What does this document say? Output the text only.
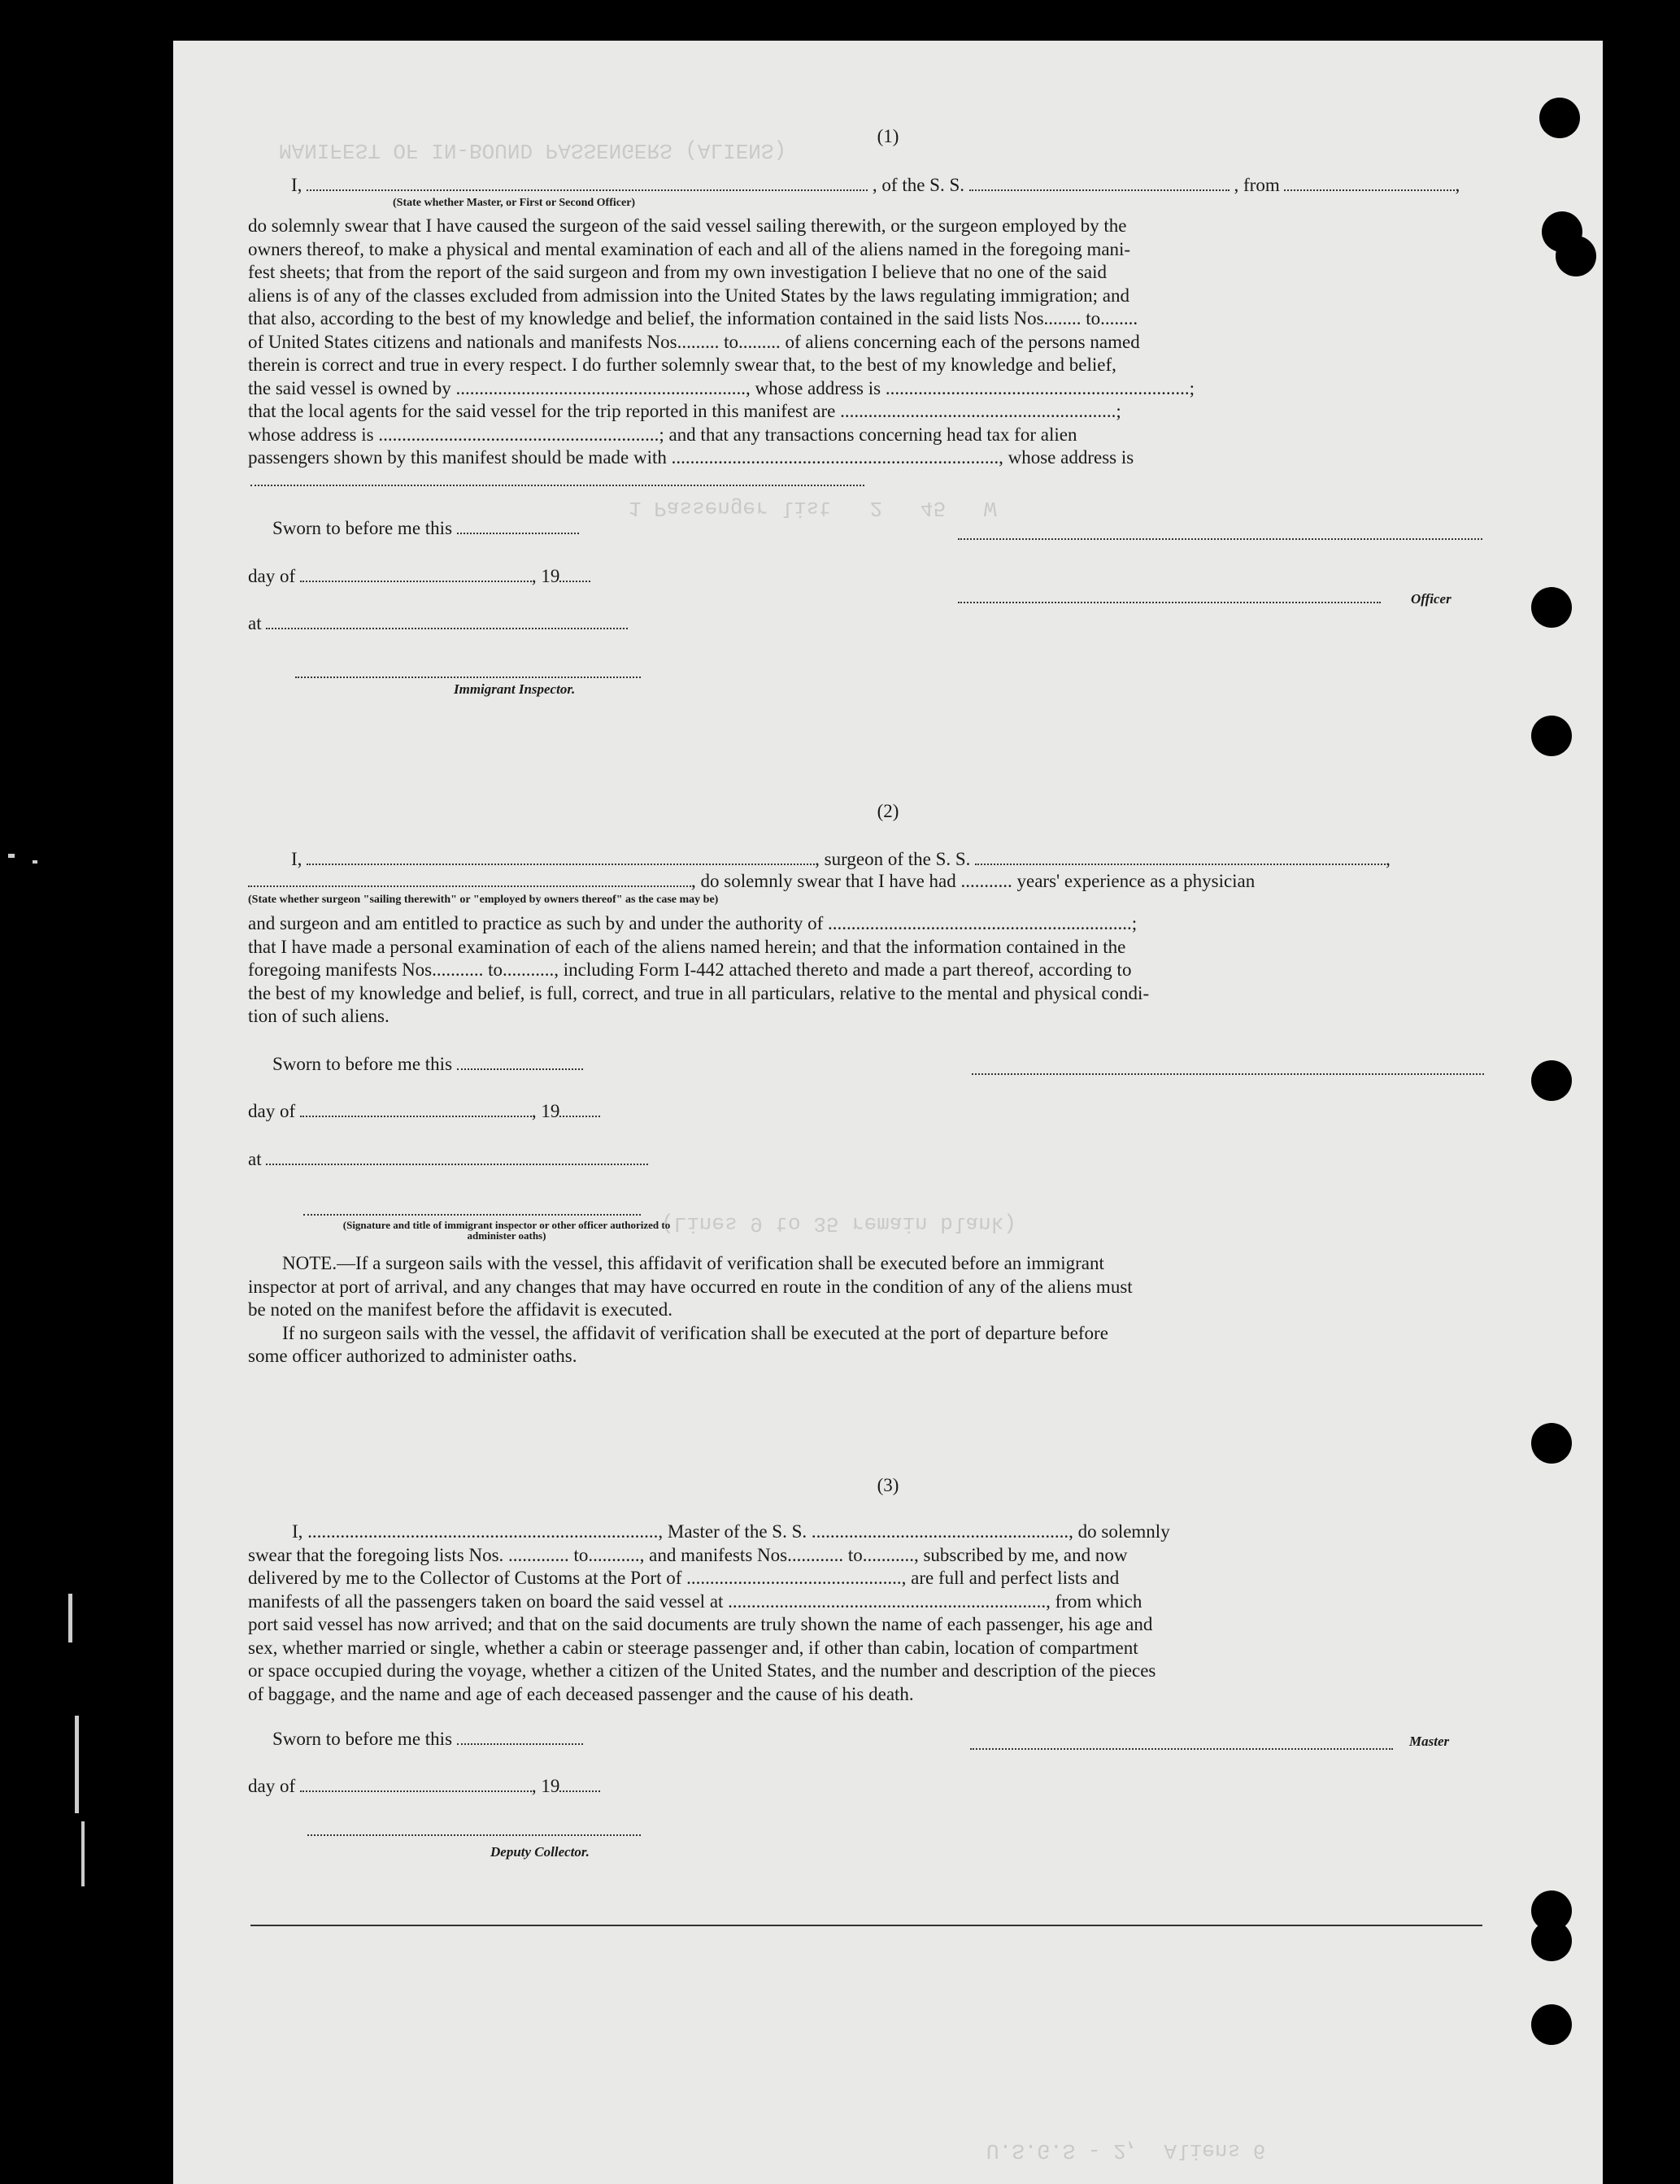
MANIFEST OF IN-BOUND PASSENGERS (ALIENS)
1 Passenger list   2   45   W
(Lines 9 to 35 remain blank)
U.S.G.S - 2,  Aliens 6
(1)
I,	, of the S. S.	, from	,
(State whether Master, or First or Second Officer)

do solemnly swear that I have caused the surgeon of the said vessel sailing therewith, or the surgeon employed by the

owners thereof, to make a physical and mental examination of each and all of the aliens named in the foregoing mani-

fest sheets; that from the report of the said surgeon and from my own investigation I believe that no one of the said

aliens is of any of the classes excluded from admission into the United States by the laws regulating immigration; and

that also, according to the best of my knowledge and belief, the information contained in the said lists Nos........ to........

of United States citizens and nationals and manifests Nos......... to......... of aliens concerning each of the persons named

therein is correct and true in every respect. I do further solemnly swear that, to the best of my knowledge and belief,

the said vessel is owned by .............................................................., whose address is .................................................................;

that the local agents for the said vessel for the trip reported in this manifest are ...........................................................;

whose address is ............................................................; and that any transactions concerning head tax for alien

passengers shown by this manifest should be made with ......................................................................, whose address is

Sworn to before me this
day of	, 19
Officer
at
Immigrant Inspector.
(2)
I,	, surgeon of the S. S.	,
, do solemnly swear that I have had ........... years' experience as a physician
(State whether surgeon "sailing therewith" or "employed by owners thereof" as the case may be)

and surgeon and am entitled to practice as such by and under the authority of .................................................................;

that I have made a personal examination of each of the aliens named herein; and that the information contained in the

foregoing manifests Nos........... to..........., including Form I-442 attached thereto and made a part thereof, according to

the best of my knowledge and belief, is full, correct, and true in all particulars, relative to the mental and physical condi-

tion of such aliens.

Sworn to before me this
day of	, 19
at
(Signature and title of immigrant inspector or other officer authorized to administer oaths)

NOTE.—If a surgeon sails with the vessel, this affidavit of verification shall be executed before an immigrant

inspector at port of arrival, and any changes that may have occurred en route in the condition of any of the aliens must

be noted on the manifest before the affidavit is executed.

If no surgeon sails with the vessel, the affidavit of verification shall be executed at the port of departure before

some officer authorized to administer oaths.

(3)

I, ..........................................................................., Master of the S. S. ......................................................., do solemnly

swear that the foregoing lists Nos. ............. to..........., and manifests Nos............ to..........., subscribed by me, and now

delivered by me to the Collector of Customs at the Port of .............................................., are full and perfect lists and

manifests of all the passengers taken on board the said vessel at ...................................................................., from which

port said vessel has now arrived; and that on the said documents are truly shown the name of each passenger, his age and

sex, whether married or single, whether a cabin or steerage passenger and, if other than cabin, location of compartment

or space occupied during the voyage, whether a citizen of the United States, and the number and description of the pieces

of baggage, and the name and age of each deceased passenger and the cause of his death.

Sworn to before me this	Master
day of	, 19
Deputy Collector.
